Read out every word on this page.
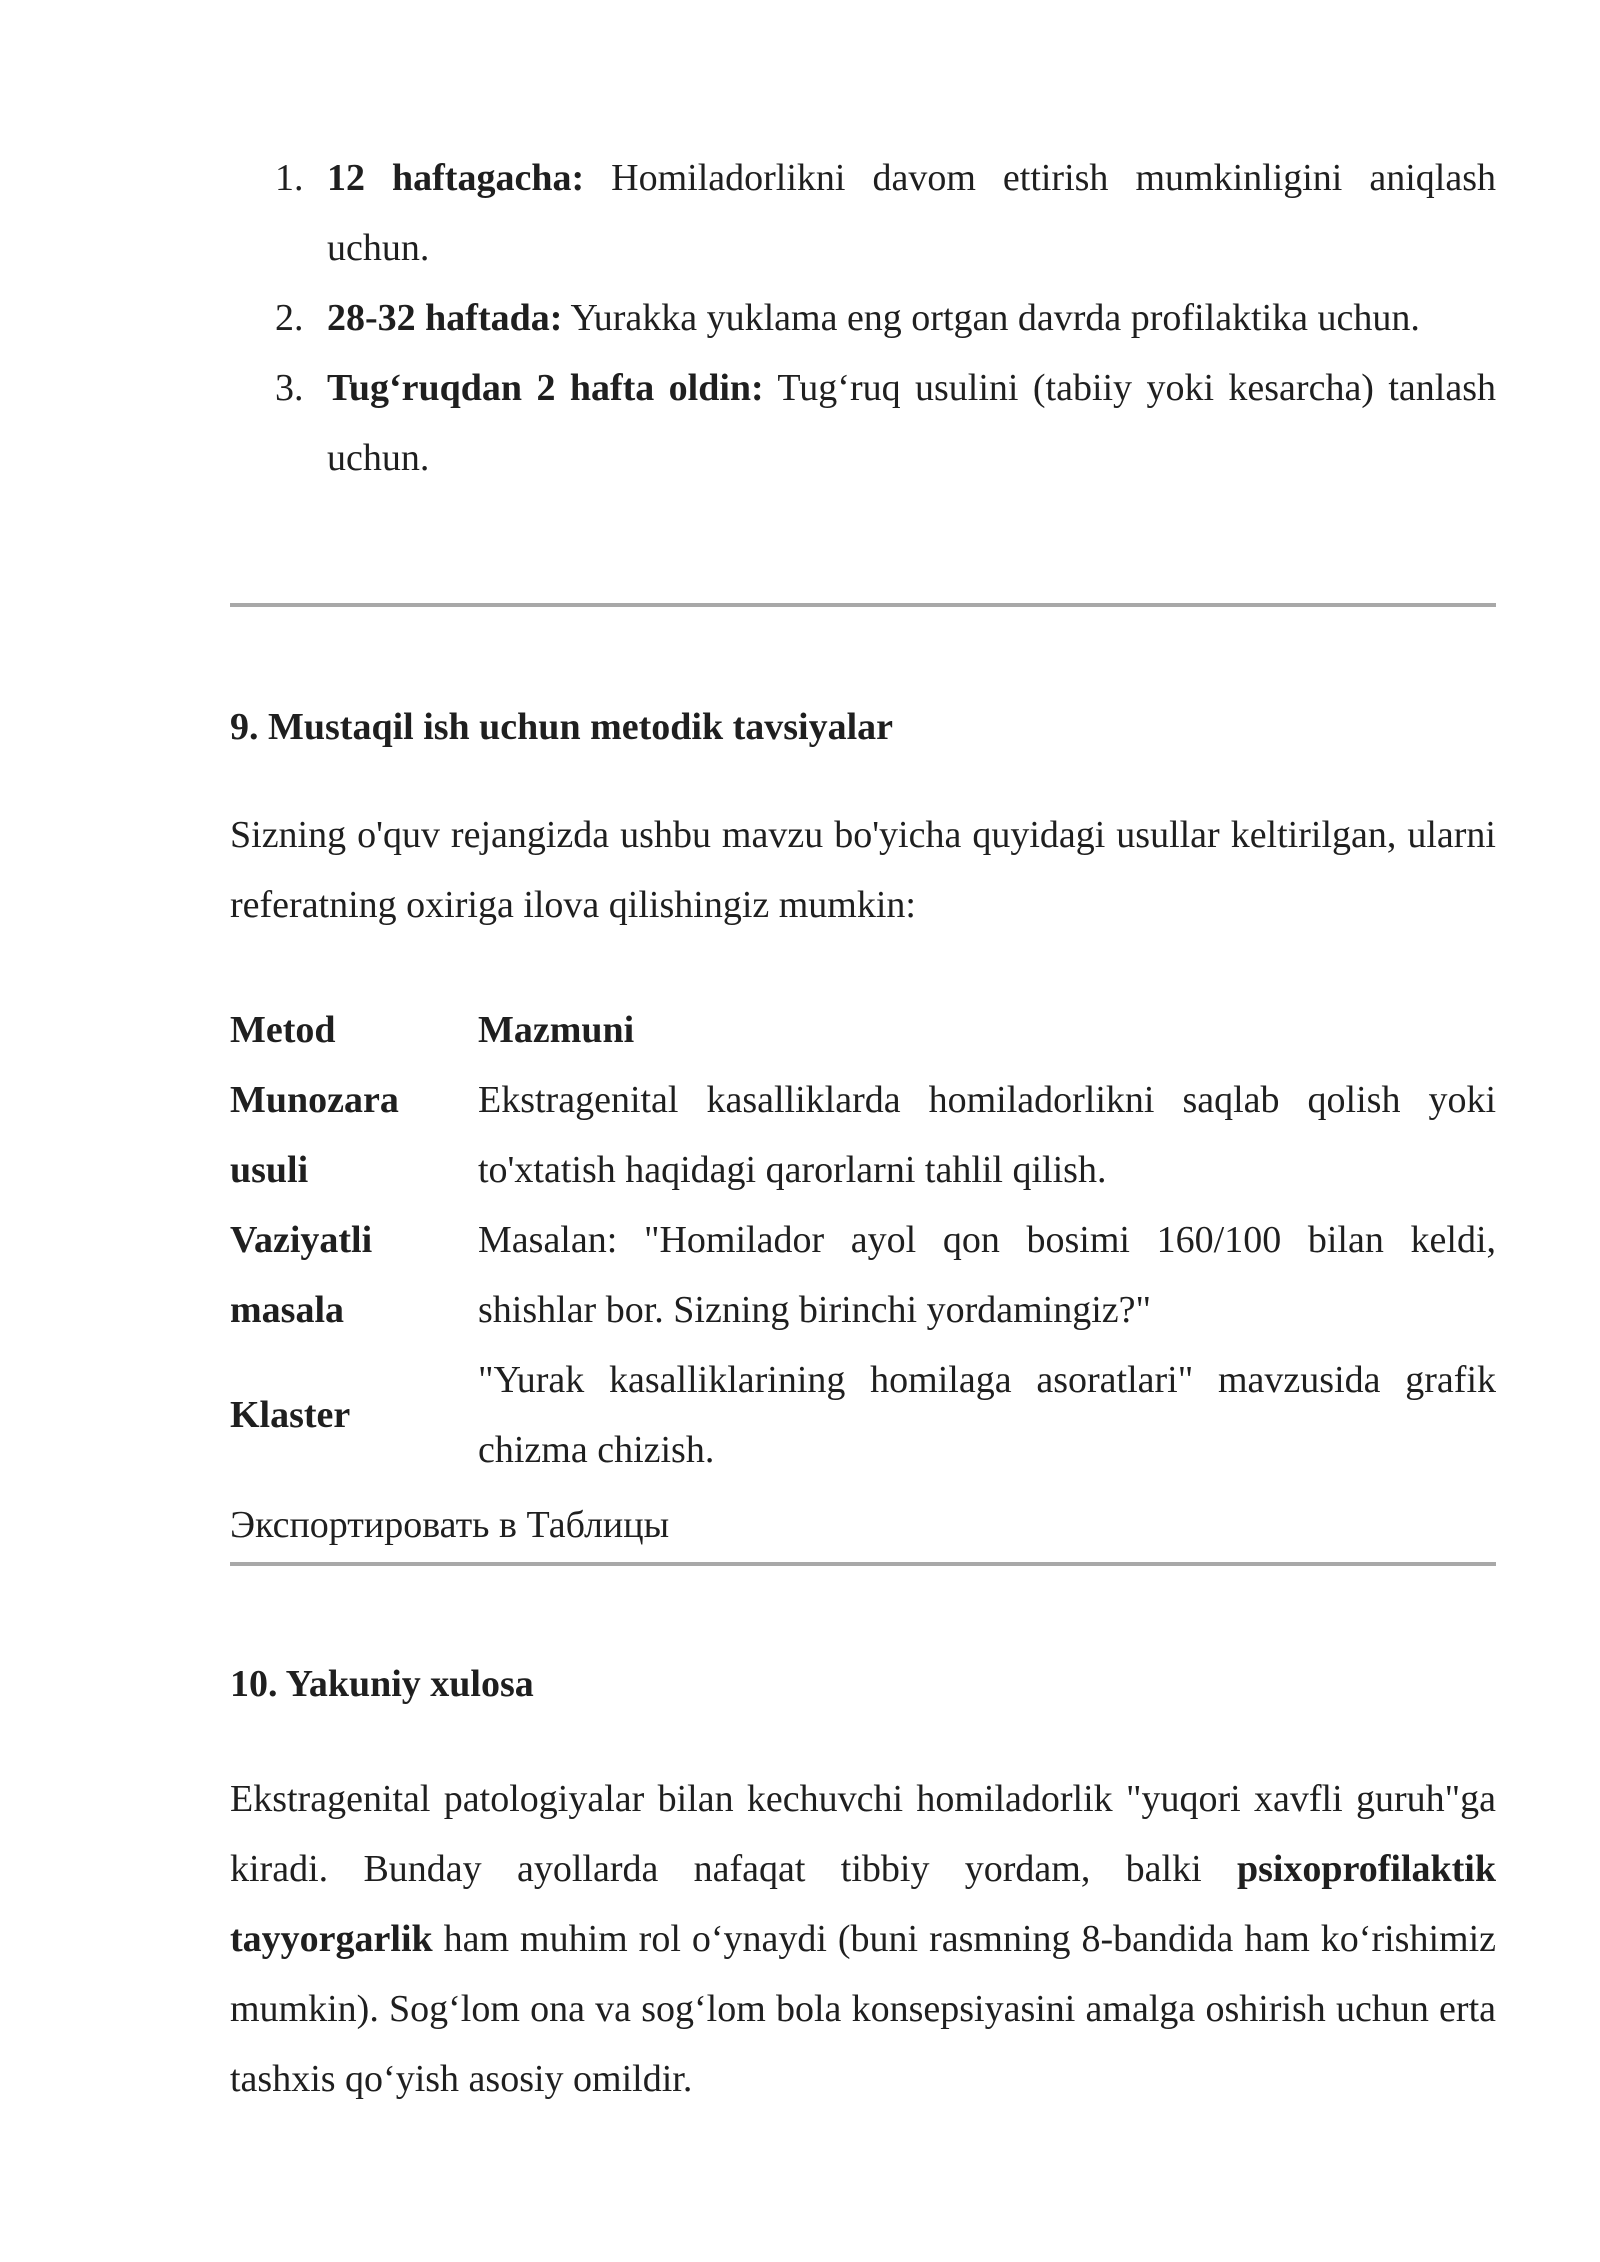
1. 12 haftagacha: Homiladorlikni davom ettirish mumkinligini aniqlash uchun.
2. 28-32 haftada: Yurakka yuklama eng ortgan davrda profilaktika uchun.
3. Tug‘ruqdan 2 hafta oldin: Tug‘ruq usulini (tabiiy yoki kesarcha) tanlash uchun.
9. Mustaqil ish uchun metodik tavsiyalar
Sizning o'quv rejangizda ushbu mavzu bo'yicha quyidagi usullar keltirilgan, ularni referatning oxiriga ilova qilishingiz mumkin:
Metod	Mazmuni
Munozara usuli	Ekstragenital kasalliklarda homiladorlikni saqlab qolish yoki to'xtatish haqidagi qarorlarni tahlil qilish.
Vaziyatli masala	Masalan: "Homilador ayol qon bosimi 160/100 bilan keldi, shishlar bor. Sizning birinchi yordamingiz?"
Klaster	"Yurak kasalliklarining homilaga asoratlari" mavzusida grafik chizma chizish.
Экспортировать в Таблицы
10. Yakuniy xulosa
Ekstragenital patologiyalar bilan kechuvchi homiladorlik "yuqori xavfli guruh"ga kiradi. Bunday ayollarda nafaqat tibbiy yordam, balki psixoprofilaktik tayyorgarlik ham muhim rol o‘ynaydi (buni rasmning 8-bandida ham ko‘rishimiz mumkin). Sog‘lom ona va sog‘lom bola konsepsiyasini amalga oshirish uchun erta tashxis qo‘yish asosiy omildir.
